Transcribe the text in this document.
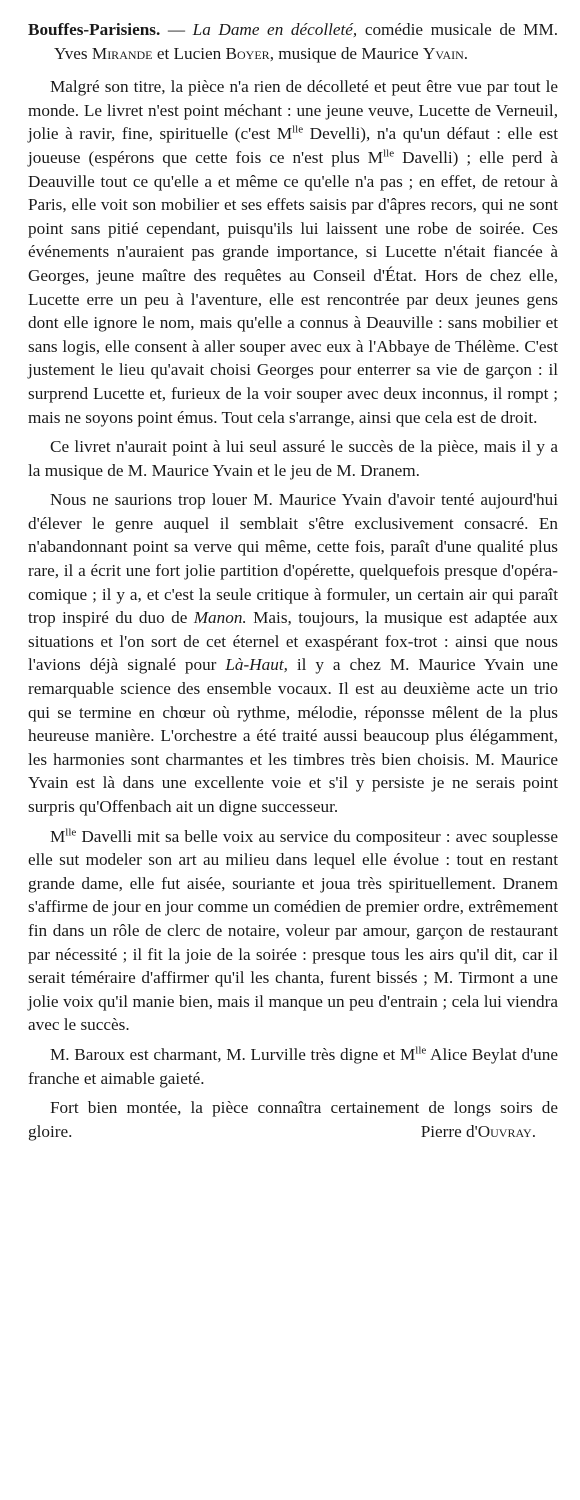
Bouffes-Parisiens. — La Dame en décolleté, comédie musicale de MM. Yves Mirande et Lucien Boyer, musique de Maurice Yvain.

Malgré son titre, la pièce n'a rien de décolleté et peut être vue par tout le monde. Le livret n'est point méchant : une jeune veuve, Lucette de Verneuil, jolie à ravir, fine, spirituelle (c'est $M^{lle}$ Develli), n'a qu'un défaut : elle est joueuse (espérons que cette fois ce n'est plus $M^{lle}$ Davelli) ; elle perd à Deauville tout ce qu'elle a et même ce qu'elle n'a pas ; en effet, de retour à Paris, elle voit son mobilier et ses effets saisis par d'âpres recors, qui ne sont point sans pitié cependant, puisqu'ils lui laissent une robe de soirée. Ces événements n'auraient pas grande importance, si Lucette n'était fiancée à Georges, jeune maître des requêtes au Conseil d'État. Hors de chez elle, Lucette erre un peu à l'aventure, elle est rencontrée par deux jeunes gens dont elle ignore le nom, mais qu'elle a connus à Deauville : sans mobilier et sans logis, elle consent à aller souper avec eux à l'Abbaye de Thélème. C'est justement le lieu qu'avait choisi Georges pour enterrer sa vie de garçon : il surprend Lucette et, furieux de la voir souper avec deux inconnus, il rompt ; mais ne soyons point émus. Tout cela s'arrange, ainsi que cela est de droit.

Ce livret n'aurait point à lui seul assuré le succès de la pièce, mais il y a la musique de M. Maurice Yvain et le jeu de M. Dranem.

Nous ne saurions trop louer M. Maurice Yvain d'avoir tenté aujourd'hui d'élever le genre auquel il semblait s'être exclusivement consacré. En n'abandonnant point sa verve qui même, cette fois, paraît d'une qualité plus rare, il a écrit une fort jolie partition d'opérette, quelquefois presque d'opéra-comique ; il y a, et c'est la seule critique à formuler, un certain air qui paraît trop inspiré du duo de Manon. Mais, toujours, la musique est adaptée aux situations et l'on sort de cet éternel et exaspérant fox-trot : ainsi que nous l'avions déjà signalé pour Là-Haut, il y a chez M. Maurice Yvain une remarquable science des ensemble vocaux. Il est au deuxième acte un trio qui se termine en chœur où rythme, mélodie, réponsse mêlent de la plus heureuse manière. L'orchestre a été traité aussi beaucoup plus élégamment, les harmonies sont charmantes et les timbres très bien choisis. M. Maurice Yvain est là dans une excellente voie et s'il y persiste je ne serais point surpris qu'Offenbach ait un digne successeur.

$M^{lle}$ Davelli mit sa belle voix au service du compositeur : avec souplesse elle sut modeler son art au milieu dans lequel elle évolue : tout en restant grande dame, elle fut aisée, souriante et joua très spirituellement. Dranem s'affirme de jour en jour comme un comédien de premier ordre, extrêmement fin dans un rôle de clerc de notaire, voleur par amour, garçon de restaurant par nécessité ; il fit la joie de la soirée : presque tous les airs qu'il dit, car il serait téméraire d'affirmer qu'il les chanta, furent bissés ; M. Tirmont a une jolie voix qu'il manie bien, mais il manque un peu d'entrain ; cela lui viendra avec le succès.

M. Baroux est charmant, M. Lurville très digne et $M^{lle}$ Alice Beylat d'une franche et aimable gaieté.

Fort bien montée, la pièce connaîtra certainement de longs soirs de gloire.	Pierre d'Ouvray.
